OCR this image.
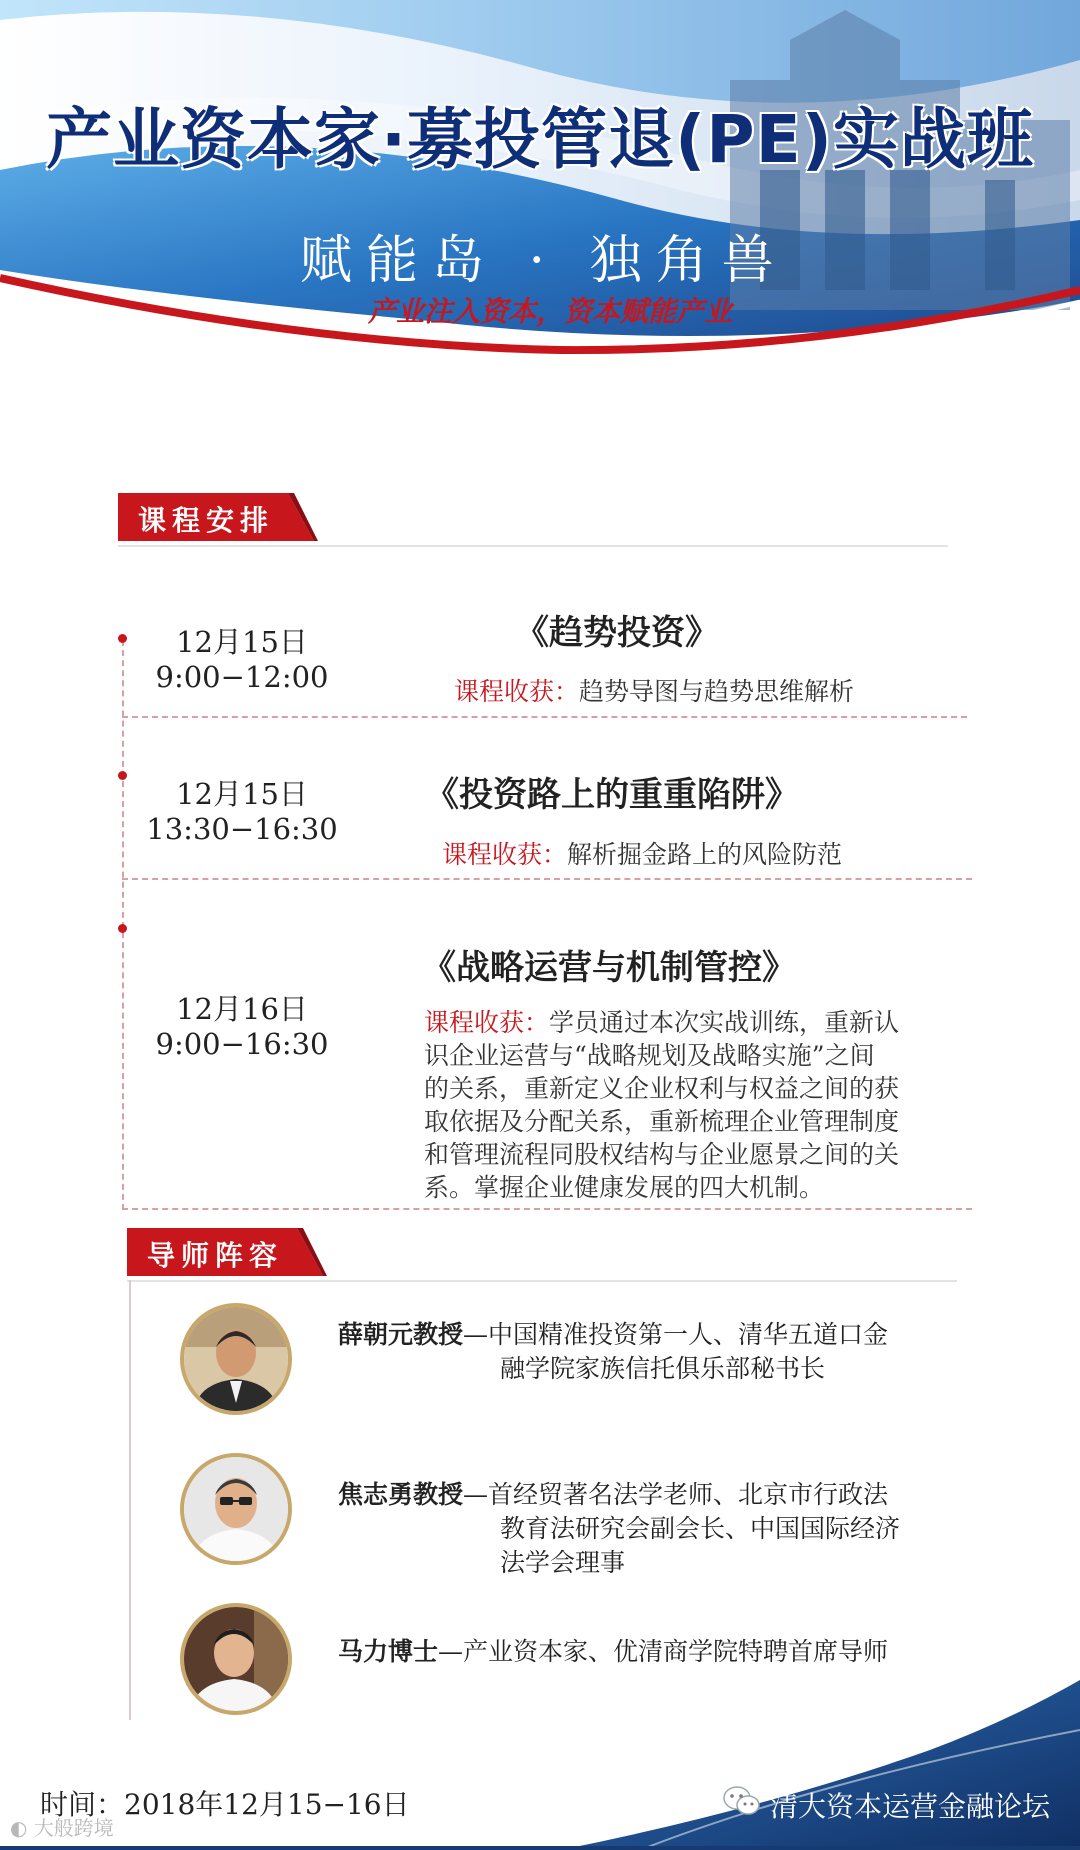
产业资本家·募投管退(PE)实战班
赋能岛 · 独角兽
产业注入资本，资本赋能产业
课程安排
12月15日
9:00−12:00
《趋势投资》
课程收获：趋势导图与趋势思维解析
12月15日
13:30−16:30
《投资路上的重重陷阱》
课程收获：解析掘金路上的风险防范
《战略运营与机制管控》
12月16日
9:00−16:30
课程收获：学员通过本次实战训练，重新认
识企业运营与“战略规划及战略实施”之间
的关系，重新定义企业权利与权益之间的获
取依据及分配关系，重新梳理企业管理制度
和管理流程同股权结构与企业愿景之间的关
系。掌握企业健康发展的四大机制。
导师阵容
薛朝元教授—中国精准投资第一人、清华五道口金
融学院家族信托俱乐部秘书长
焦志勇教授—首经贸著名法学老师、北京市行政法
教育法研究会副会长、中国国际经济
法学会理事
马力博士—产业资本家、优清商学院特聘首席导师
时间：2018年12月15−16日	清大资本运营金融论坛
◐ 大般跨境
